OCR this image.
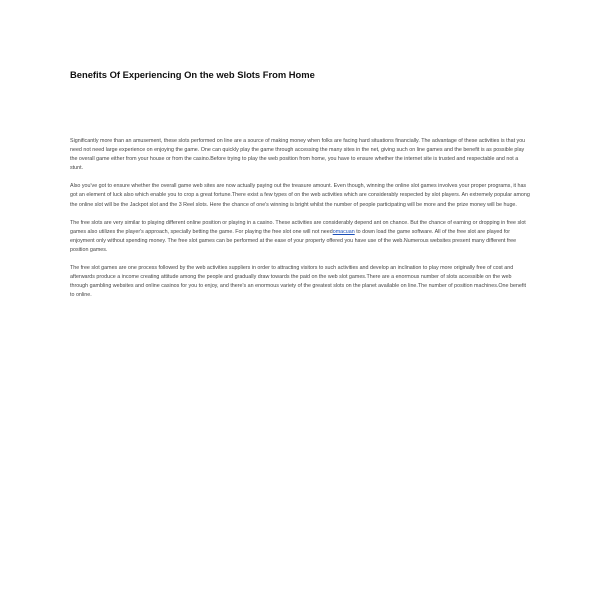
Benefits Of Experiencing On the web Slots From Home

Significantly more than an amusement, these slots performed on line are a source of making money when folks are facing hard situations financially. The advantage of these activities is that you need not need large experience on enjoying the game. One can quickly play the game through accessing the many sites in the net, giving such on line games and the benefit is as possible play the overall game either from your house or from the casino.Before trying to play the web position from home, you have to ensure whether the internet site is trusted and respectable and not a stunt.

Also you've got to ensure whether the overall game web sites are now actually paying out the treasure amount. Even though, winning the online slot games involves your proper programs, it has got an element of luck also which enable you to crop a great fortune.There exist a few types of on the web activities which are considerably respected by slot players. An extremely popular among the online slot will be the Jackpot slot and the 3 Reel slots. Here the chance of one's winning is bright whilst the number of people participating will be more and the prize money will be huge.

The free slots are very similar to playing different online position or playing in a casino. These activities are considerably depend ant on chance. But the chance of earning or dropping in free slot games also utilizes the player's approach, specially betting the game. For playing the free slot one will not needomacuan to down load the game software. All of the free slot are played for enjoyment only without spending money. The free slot games can be performed at the ease of your property offered you have use of the web.Numerous websites present many different free position games.

The free slot games are one process followed by the web activities suppliers in order to attracting visitors to such activities and develop an inclination to play more originally free of cost and afterwards produce a income creating attitude among the people and gradually draw towards the paid on the web slot games.There are a enormous number of slots accessible on the web through gambling websites and online casinos for you to enjoy, and there's an enormous variety of the greatest slots on the planet available on line.The number of position machines.One benefit to online.
